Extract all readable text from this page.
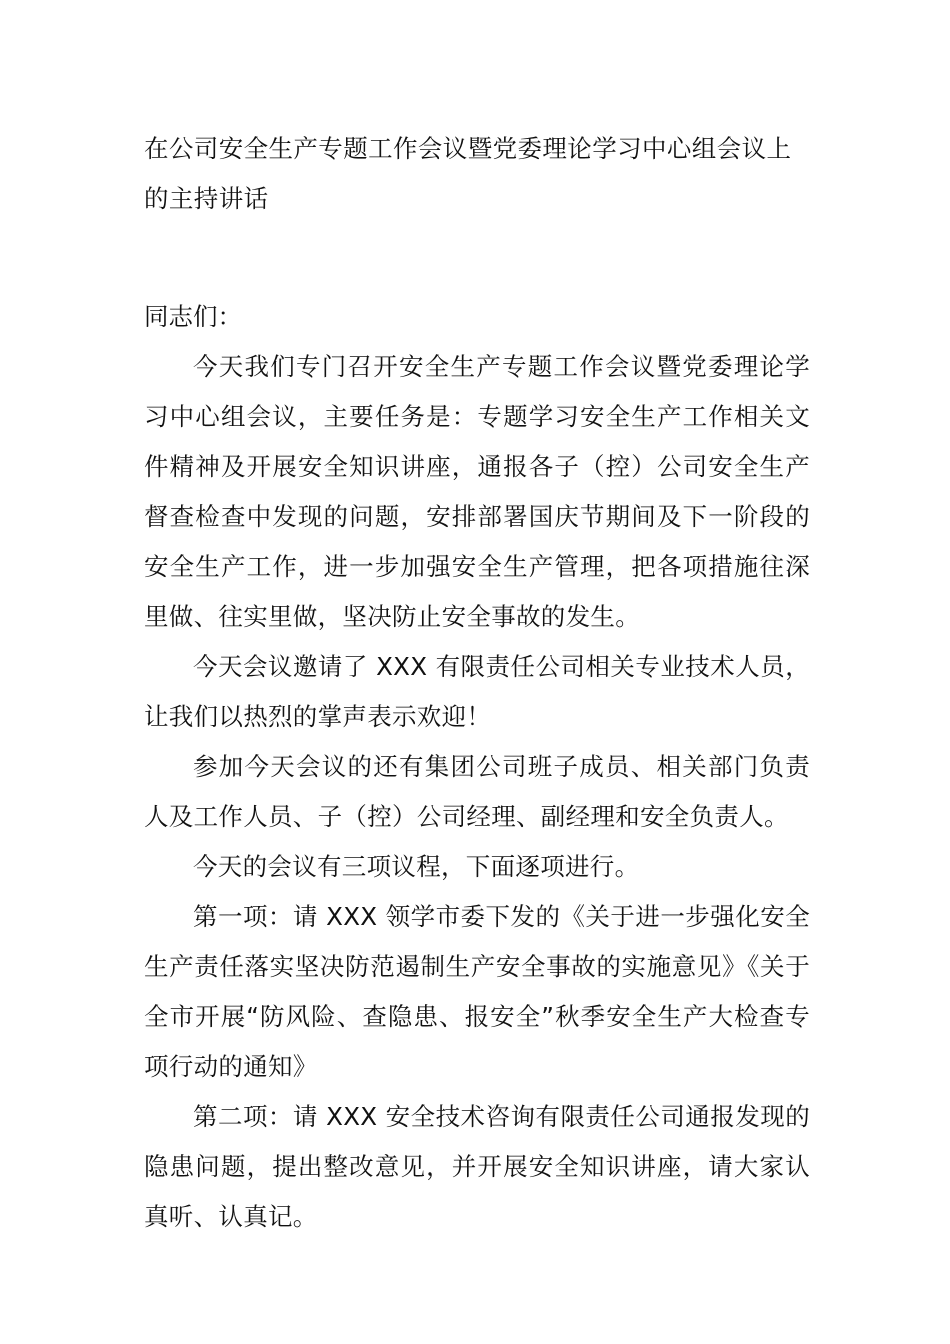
在公司安全生产专题工作会议暨党委理论学习中心组会议上的主持讲话

同志们：

今天我们专门召开安全生产专题工作会议暨党委理论学习中心组会议，主要任务是：专题学习安全生产工作相关文件精神及开展安全知识讲座，通报各子（控）公司安全生产督查检查中发现的问题，安排部署国庆节期间及下一阶段的安全生产工作，进一步加强安全生产管理，把各项措施往深里做、往实里做，坚决防止安全事故的发生。

今天会议邀请了 XXX 有限责任公司相关专业技术人员，让我们以热烈的掌声表示欢迎！

参加今天会议的还有集团公司班子成员、相关部门负责人及工作人员、子（控）公司经理、副经理和安全负责人。

今天的会议有三项议程，下面逐项进行。

第一项：请 XXX 领学市委下发的《关于进一步强化安全生产责任落实坚决防范遏制生产安全事故的实施意见》《关于全市开展“防风险、查隐患、报安全”秋季安全生产大检查专项行动的通知》

第二项：请 XXX 安全技术咨询有限责任公司通报发现的隐患问题，提出整改意见，并开展安全知识讲座，请大家认真听、认真记。
